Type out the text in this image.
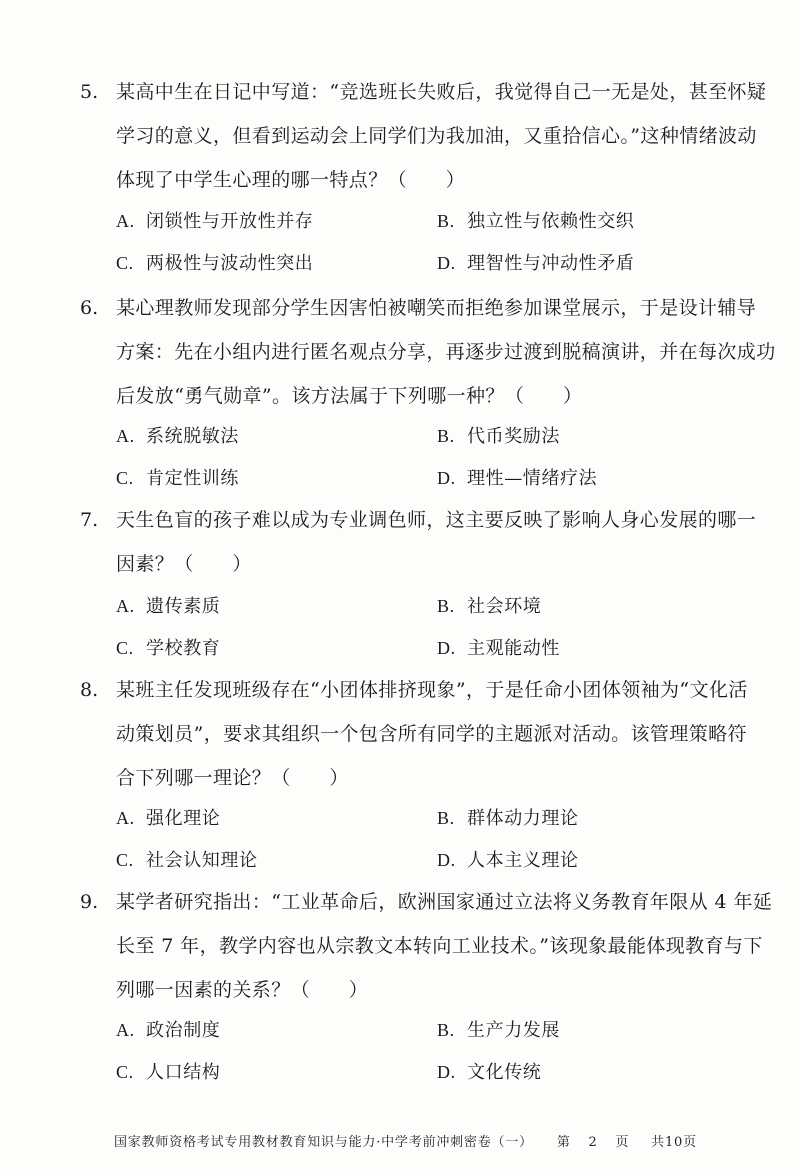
5. 某高中生在日记中写道：“竞选班长失败后，我觉得自己一无是处，甚至怀疑
学习的意义，但看到运动会上同学们为我加油，又重拾信心。”这种情绪波动
体现了中学生心理的哪一特点？（　　）
A. 闭锁性与开放性并存	B. 独立性与依赖性交织
C. 两极性与波动性突出	D. 理智性与冲动性矛盾
6. 某心理教师发现部分学生因害怕被嘲笑而拒绝参加课堂展示，于是设计辅导
方案：先在小组内进行匿名观点分享，再逐步过渡到脱稿演讲，并在每次成功
后发放“勇气勋章”。该方法属于下列哪一种？（　　）
A. 系统脱敏法	B. 代币奖励法
C. 肯定性训练	D. 理性—情绪疗法
7. 天生色盲的孩子难以成为专业调色师，这主要反映了影响人身心发展的哪一
因素？（　　）
A. 遗传素质	B. 社会环境
C. 学校教育	D. 主观能动性
8. 某班主任发现班级存在“小团体排挤现象”，于是任命小团体领袖为“文化活
动策划员”，要求其组织一个包含所有同学的主题派对活动。该管理策略符
合下列哪一理论？（　　）
A. 强化理论	B. 群体动力理论
C. 社会认知理论	D. 人本主义理论
9. 某学者研究指出：“工业革命后，欧洲国家通过立法将义务教育年限从 4 年延
长至 7 年，教学内容也从宗教文本转向工业技术。”该现象最能体现教育与下
列哪一因素的关系？（　　）
A. 政治制度	B. 生产力发展
C. 人口结构	D. 文化传统
国家教师资格考试专用教材教育知识与能力·中学考前冲刺密卷（一） 第 2 页 共10页
